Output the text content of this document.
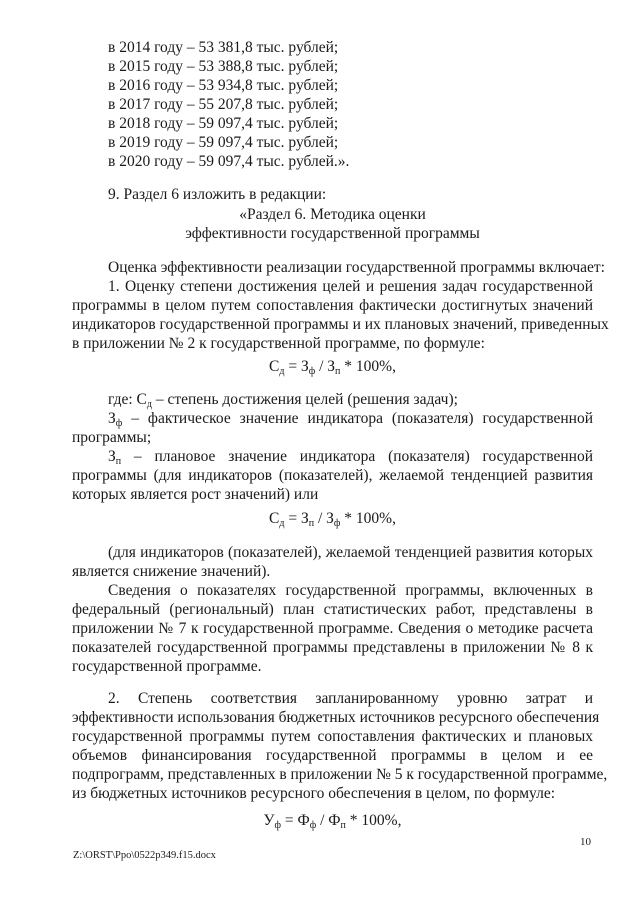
в 2014 году – 53 381,8 тыс. рублей;
в 2015 году – 53 388,8 тыс. рублей;
в 2016 году – 53 934,8 тыс. рублей;
в 2017 году – 55 207,8 тыс. рублей;
в 2018 году – 59 097,4 тыс. рублей;
в 2019 году – 59 097,4 тыс. рублей;
в 2020 году – 59 097,4 тыс. рублей.».
9. Раздел 6 изложить в редакции:
«Раздел 6. Методика оценки
эффективности государственной программы
Оценка эффективности реализации государственной программы включает:
1. Оценку степени достижения целей и решения задач государственной
программы в целом путем сопоставления фактически достигнутых значений
индикаторов государственной программы и их плановых значений, приведенных
в приложении № 2 к государственной программе, по формуле:
$С_д = З_ф / З_п * 100\%$,
где: $С_д$ – степень достижения целей (решения задач);
$З_ф$ – фактическое значение индикатора (показателя) государственной
программы;
$З_п$ – плановое значение индикатора (показателя) государственной
программы (для индикаторов (показателей), желаемой тенденцией развития
которых является рост значений) или
$С_д = З_п / З_ф * 100\%$,
(для индикаторов (показателей), желаемой тенденцией развития которых
является снижение значений).
Сведения о показателях государственной программы, включенных в
федеральный (региональный) план статистических работ, представлены в
приложении № 7 к государственной программе. Сведения о методике расчета
показателей государственной программы представлены в приложении № 8 к
государственной программе.
2. Степень соответствия запланированному уровню затрат и
эффективности использования бюджетных источников ресурсного обеспечения
государственной программы путем сопоставления фактических и плановых
объемов финансирования государственной программы в целом и ее
подпрограмм, представленных в приложении № 5 к государственной программе,
из бюджетных источников ресурсного обеспечения в целом, по формуле:
$У_ф = Ф_ф / Ф_п * 100\%$,
10
Z:\ORST\Ppo\0522p349.f15.docx
